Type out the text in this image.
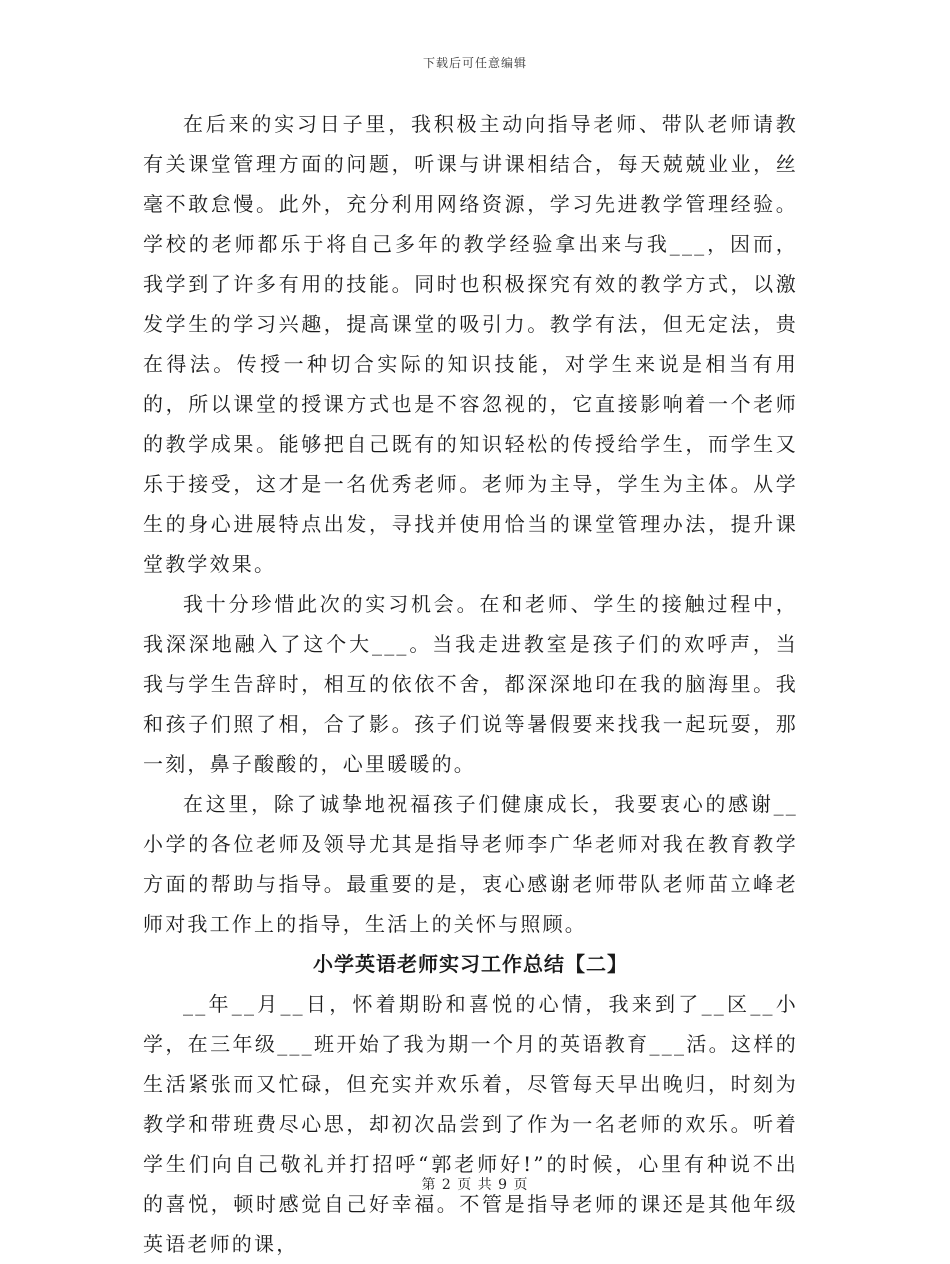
下载后可任意编辑

在后来的实习日子里，我积极主动向指导老师、带队老师请教有关课堂管理方面的问题，听课与讲课相结合，每天兢兢业业，丝毫不敢怠慢。此外，充分利用网络资源，学习先进教学管理经验。学校的老师都乐于将自己多年的教学经验拿出来与我___，因而，我学到了许多有用的技能。同时也积极探究有效的教学方式，以激发学生的学习兴趣，提高课堂的吸引力。教学有法，但无定法，贵在得法。传授一种切合实际的知识技能，对学生来说是相当有用的，所以课堂的授课方式也是不容忽视的，它直接影响着一个老师的教学成果。能够把自己既有的知识轻松的传授给学生，而学生又乐于接受，这才是一名优秀老师。老师为主导，学生为主体。从学生的身心进展特点出发，寻找并使用恰当的课堂管理办法，提升课堂教学效果。

我十分珍惜此次的实习机会。在和老师、学生的接触过程中，我深深地融入了这个大___。当我走进教室是孩子们的欢呼声，当我与学生告辞时，相互的依依不舍，都深深地印在我的脑海里。我和孩子们照了相，合了影。孩子们说等暑假要来找我一起玩耍，那一刻，鼻子酸酸的，心里暖暖的。

在这里，除了诚挚地祝福孩子们健康成长，我要衷心的感谢__小学的各位老师及领导尤其是指导老师李广华老师对我在教育教学方面的帮助与指导。最重要的是，衷心感谢老师带队老师苗立峰老师对我工作上的指导，生活上的关怀与照顾。

小学英语老师实习工作总结【二】

__年__月__日，怀着期盼和喜悦的心情，我来到了__区__小学，在三年级___班开始了我为期一个月的英语教育___活。这样的生活紧张而又忙碌，但充实并欢乐着，尽管每天早出晚归，时刻为教学和带班费尽心思，却初次品尝到了作为一名老师的欢乐。听着学生们向自己敬礼并打招呼“郭老师好!”的时候，心里有种说不出的喜悦，顿时感觉自己好幸福。不管是指导老师的课还是其他年级英语老师的课，

第 2 页 共 9 页
